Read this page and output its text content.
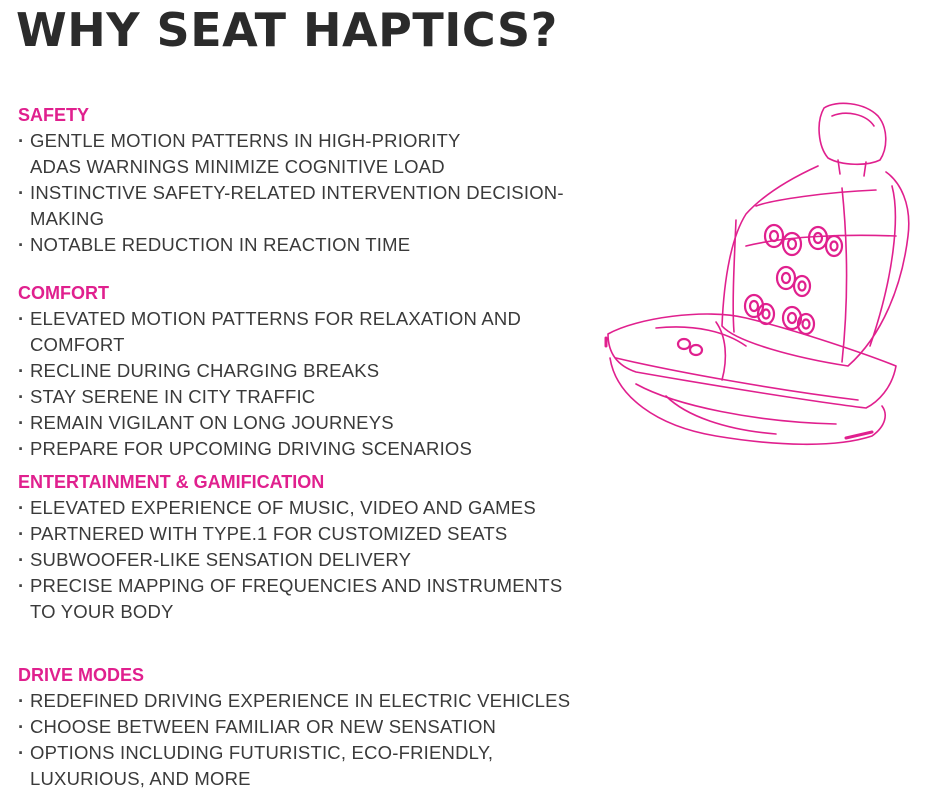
WHY SEAT HAPTICS?
SAFETY
· GENTLE MOTION PATTERNS IN HIGH-PRIORITY
ADAS WARNINGS MINIMIZE COGNITIVE LOAD
· INSTINCTIVE SAFETY-RELATED INTERVENTION DECISION-MAKING
· NOTABLE REDUCTION IN REACTION TIME
COMFORT
· ELEVATED MOTION PATTERNS FOR RELAXATION AND COMFORT
· RECLINE DURING CHARGING BREAKS
· STAY SERENE IN CITY TRAFFIC
· REMAIN VIGILANT ON LONG JOURNEYS
· PREPARE FOR UPCOMING DRIVING SCENARIOS
ENTERTAINMENT & GAMIFICATION
· ELEVATED EXPERIENCE OF MUSIC, VIDEO AND GAMES
· PARTNERED WITH TYPE.1 FOR CUSTOMIZED SEATS
· SUBWOOFER-LIKE SENSATION DELIVERY
· PRECISE MAPPING OF FREQUENCIES AND INSTRUMENTS
TO YOUR BODY
DRIVE MODES
· REDEFINED DRIVING EXPERIENCE IN ELECTRIC VEHICLES
· CHOOSE BETWEEN FAMILIAR OR NEW SENSATION
· OPTIONS INCLUDING FUTURISTIC, ECO-FRIENDLY,
LUXURIOUS, AND MORE
